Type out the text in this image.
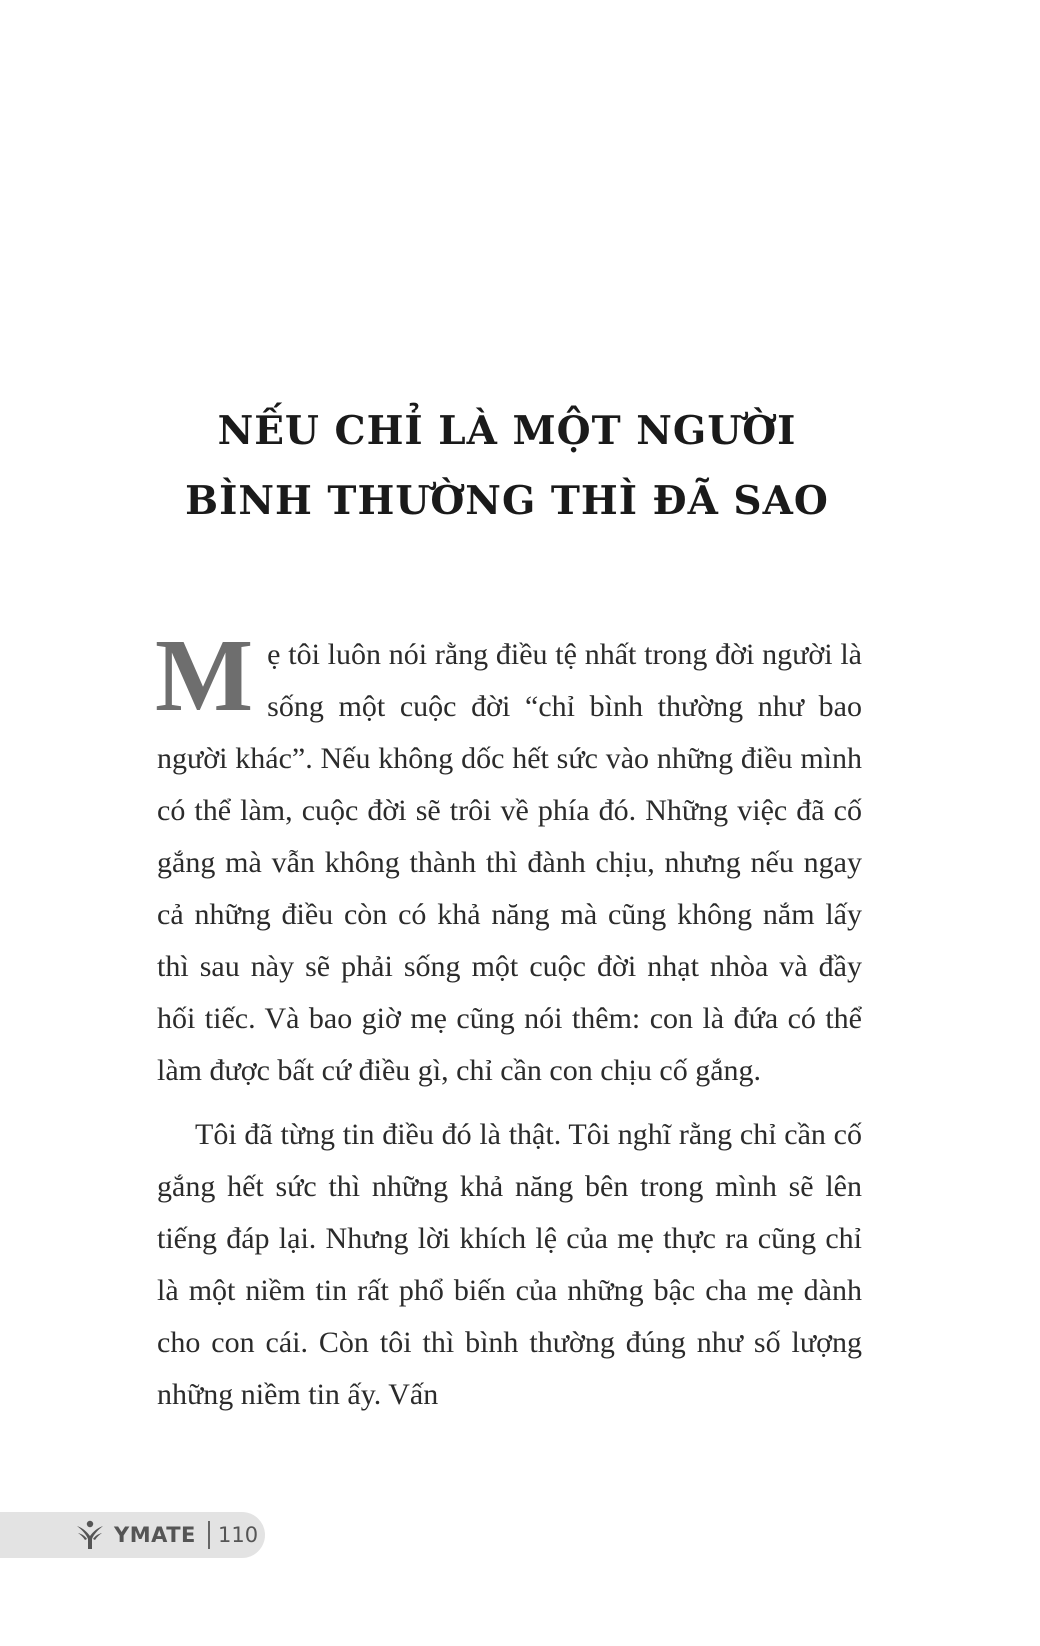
NẾU CHỈ LÀ MỘT NGƯỜI
BÌNH THƯỜNG THÌ ĐÃ SAO

Mẹ tôi luôn nói rằng điều tệ nhất trong đời người là sống một cuộc đời “chỉ bình thường như bao người khác”. Nếu không dốc hết sức vào những điều mình có thể làm, cuộc đời sẽ trôi về phía đó. Những việc đã cố gắng mà vẫn không thành thì đành chịu, nhưng nếu ngay cả những điều còn có khả năng mà cũng không nắm lấy thì sau này sẽ phải sống một cuộc đời nhạt nhòa và đầy hối tiếc. Và bao giờ mẹ cũng nói thêm: con là đứa có thể làm được bất cứ điều gì, chỉ cần con chịu cố gắng.

Tôi đã từng tin điều đó là thật. Tôi nghĩ rằng chỉ cần cố gắng hết sức thì những khả năng bên trong mình sẽ lên tiếng đáp lại. Nhưng lời khích lệ của mẹ thực ra cũng chỉ là một niềm tin rất phổ biến của những bậc cha mẹ dành cho con cái. Còn tôi thì bình thường đúng như số lượng những niềm tin ấy. Vấn

YMATE 110
